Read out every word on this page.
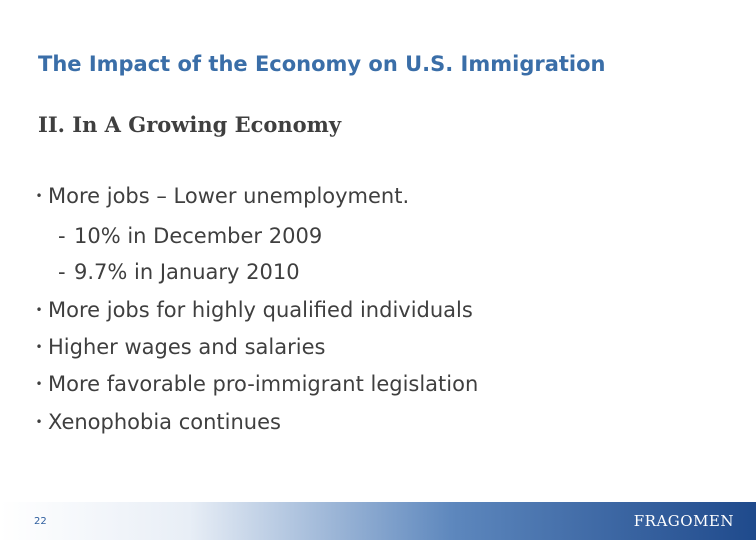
The Impact of the Economy on U.S. Immigration
II. In A Growing Economy
• More jobs – Lower unemployment.
- 10% in December 2009
- 9.7% in January 2010
• More jobs for highly qualified individuals
• Higher wages and salaries
• More favorable pro-immigrant legislation
• Xenophobia continues
22	FRAGOMEN
